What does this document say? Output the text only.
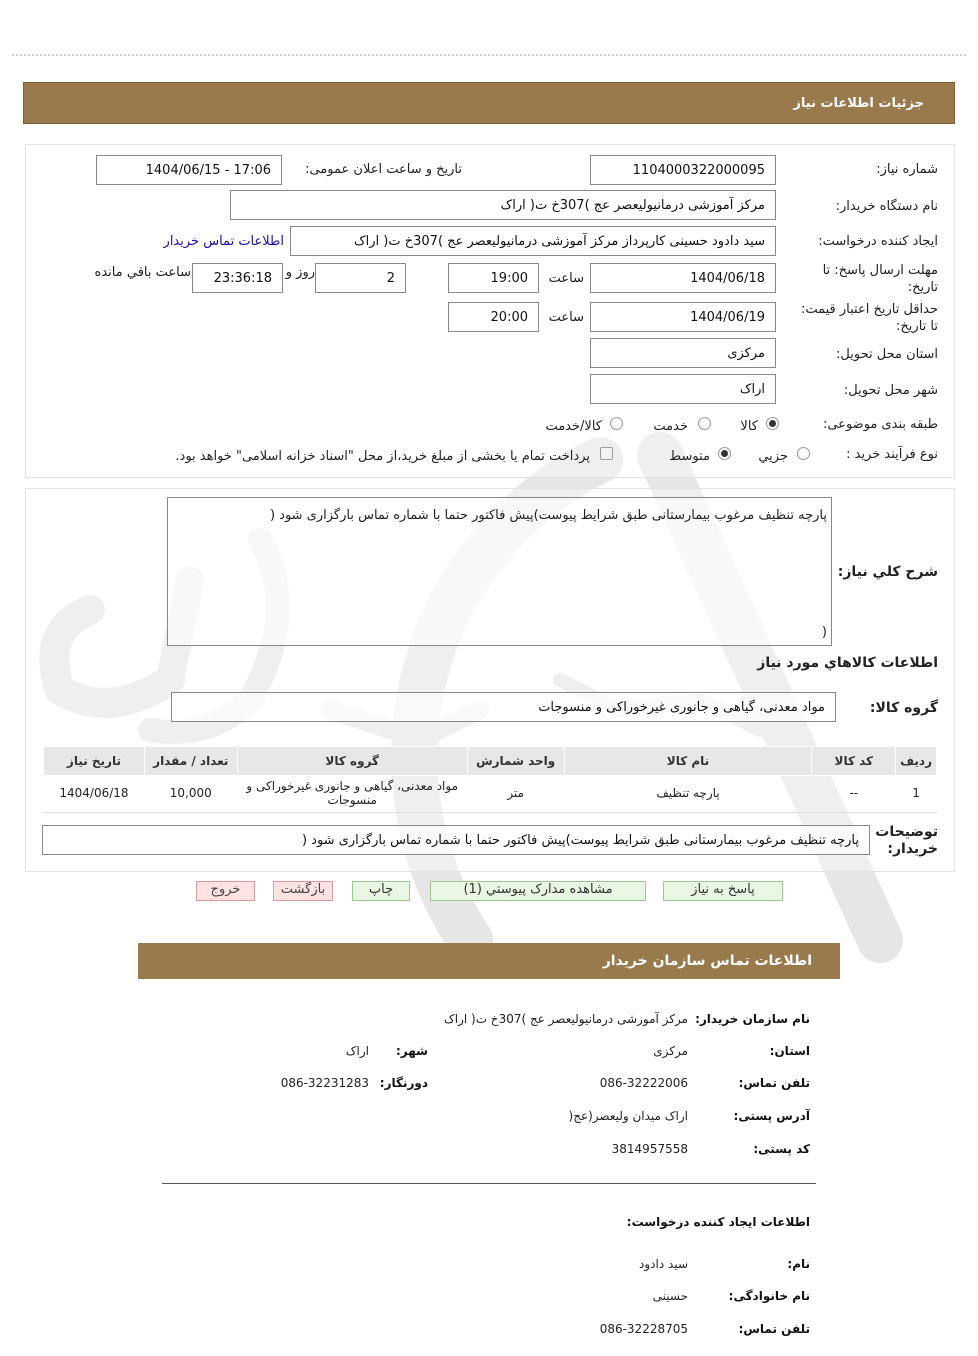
جزئیات اطلاعات نیاز
شماره نیاز:
1104000322000095
تاریخ و ساعت اعلان عمومی:
1404/06/15 - 17:06
نام دستگاه خریدار:
مرکز آموزشی درمانیولیعصر عج )307خ ت( اراک
ایجاد کننده درخواست:
سید دادود حسینی کارپرداز مرکز آموزشی درمانیولیعصر عج )307خ ت( اراک
اطلاعات تماس خریدار
مهلت ارسال پاسخ: تا
تاریخ:
1404/06/18
ساعت
19:00
2
روز و
23:36:18
ساعت باقي مانده
حداقل تاریخ اعتبار قیمت:
تا تاریخ:
1404/06/19
ساعت
20:00
استان محل تحویل:
مرکزی
شهر محل تحویل:
اراک
طبقه بندی موضوعی:
کالا
خدمت
کالا/خدمت
نوع فرآیند خرید :
جزيي
متوسط
پرداخت تمام یا بخشی از مبلغ خرید،از محل "اسناد خزانه اسلامی" خواهد بود.
شرح کلي نياز:
پارچه تنظیف مرغوب بیمارستانی طبق شرایط پیوست)پیش فاکتور حتما با شماره تماس بارگزاری شود (
(
اطلاعات کالاهاي مورد نياز
گروه کالا:
مواد معدنی، گیاهی و جانوری غیرخوراکی و منسوجات
رديف	کد کالا	نام کالا	واحد شمارش	گروه کالا	تعداد / مقدار	تاريخ نياز
1	--	پارچه تنظیف	متر	مواد معدنی، گیاهی و جانوری غیرخوراکی و منسوجات	10,000	1404/06/18
توضیحات
خریدار:
پارچه تنظیف مرغوب بیمارستانی طبق شرایط پیوست)پیش فاکتور حتما با شماره تماس بارگزاری شود (
پاسخ به نیاز
مشاهده مدارک پیوستي (1)
چاپ
بازگشت
خروج
اطلاعات تماس سازمان خریدار
نام سازمان خریدار:
مرکز آموزشی درمانیولیعصر عج )307خ ت( اراک
استان:
مرکزی
شهر:
اراک
تلفن تماس:
086-32222006
دورنگار:
086-32231283
آدرس پستی:
اراک میدان ولیعصر(عج(
کد پستی:
3814957558
اطلاعات ایجاد کننده درخواست:
نام:
سید دادود
نام خانوادگی:
حسینی
تلفن تماس:
086-32228705
